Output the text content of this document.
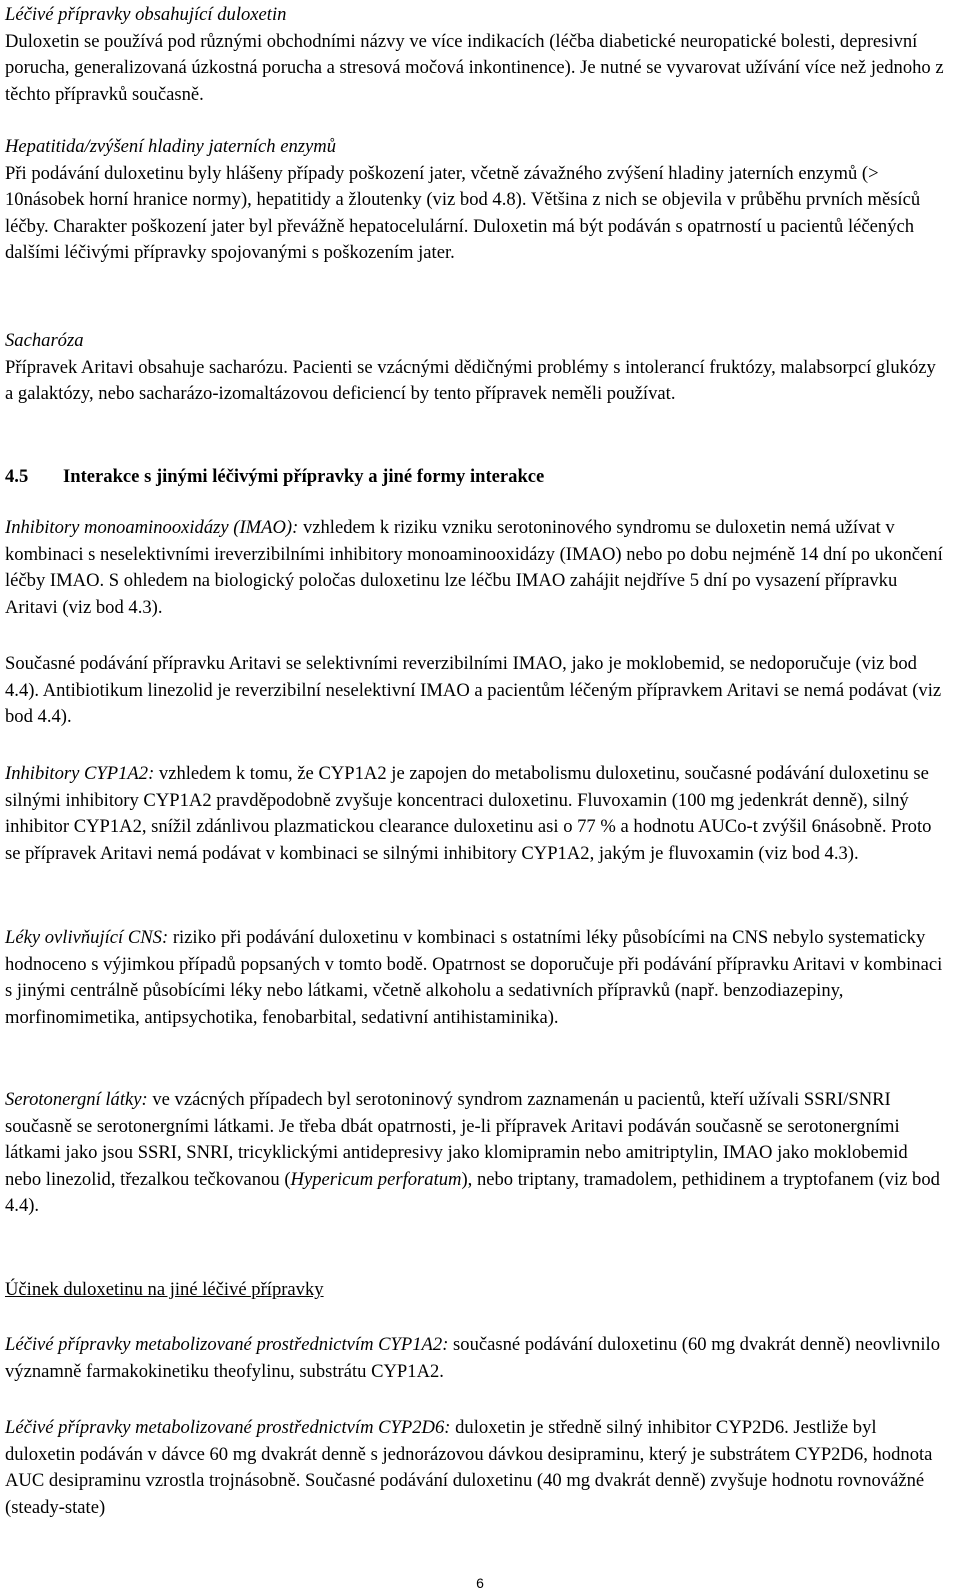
Léčivé přípravky obsahující duloxetin
Duloxetin se používá pod různými obchodními názvy ve více indikacích (léčba diabetické neuropatické bolesti, depresivní porucha, generalizovaná úzkostná porucha a stresová močová inkontinence). Je nutné se vyvarovat užívání více než jednoho z těchto přípravků současně.

Hepatitida/zvýšení hladiny jaterních enzymů
Při podávání duloxetinu byly hlášeny případy poškození jater, včetně závažného zvýšení hladiny jaterních enzymů (> 10násobek horní hranice normy), hepatitidy a žloutenky (viz bod 4.8). Většina z nich se objevila v průběhu prvních měsíců léčby. Charakter poškození jater byl převážně hepatocelulární. Duloxetin má být podáván s opatrností u pacientů léčených dalšími léčivými přípravky spojovanými s poškozením jater.

Sacharóza
Přípravek Aritavi obsahuje sacharózu. Pacienti se vzácnými dědičnými problémy s intolerancí fruktózy, malabsorpcí glukózy a galaktózy, nebo sacharázo-izomaltázovou deficiencí by tento přípravek neměli používat.

4.5	Interakce s jinými léčivými přípravky a jiné formy interakce

Inhibitory monoaminooxidázy (IMAO): vzhledem k riziku vzniku serotoninového syndromu se duloxetin nemá užívat v kombinaci s neselektivními ireverzibilními inhibitory monoaminooxidázy (IMAO) nebo po dobu nejméně 14 dní po ukončení léčby IMAO. S ohledem na biologický poločas duloxetinu lze léčbu IMAO zahájit nejdříve 5 dní po vysazení přípravku Aritavi (viz bod 4.3).

Současné podávání přípravku Aritavi se selektivními reverzibilními IMAO, jako je moklobemid, se nedoporučuje (viz bod 4.4). Antibiotikum linezolid je reverzibilní neselektivní IMAO a pacientům léčeným přípravkem Aritavi se nemá podávat (viz bod 4.4).

Inhibitory CYP1A2: vzhledem k tomu, že CYP1A2 je zapojen do metabolismu duloxetinu, současné podávání duloxetinu se silnými inhibitory CYP1A2 pravděpodobně zvyšuje koncentraci duloxetinu. Fluvoxamin (100 mg jedenkrát denně), silný inhibitor CYP1A2, snížil zdánlivou plazmatickou clearance duloxetinu asi o 77 % a hodnotu AUCo-t zvýšil 6násobně. Proto se přípravek Aritavi nemá podávat v kombinaci se silnými inhibitory CYP1A2, jakým je fluvoxamin (viz bod 4.3).

Léky ovlivňující CNS: riziko při podávání duloxetinu v kombinaci s ostatními léky působícími na CNS nebylo systematicky hodnoceno s výjimkou případů popsaných v tomto bodě. Opatrnost se doporučuje při podávání přípravku Aritavi v kombinaci s jinými centrálně působícími léky nebo látkami, včetně alkoholu a sedativních přípravků (např. benzodiazepiny, morfinomimetika, antipsychotika, fenobarbital, sedativní antihistaminika).

Serotonergní látky: ve vzácných případech byl serotoninový syndrom zaznamenán u pacientů, kteří užívali SSRI/SNRI současně se serotonergními látkami. Je třeba dbát opatrnosti, je-li přípravek Aritavi podáván současně se serotonergními látkami jako jsou SSRI, SNRI, tricyklickými antidepresivy jako klomipramin nebo amitriptylin, IMAO jako moklobemid nebo linezolid, třezalkou tečkovanou (Hypericum perforatum), nebo triptany, tramadolem, pethidinem a tryptofanem (viz bod 4.4).

Účinek duloxetinu na jiné léčivé přípravky

Léčivé přípravky metabolizované prostřednictvím CYP1A2: současné podávání duloxetinu (60 mg dvakrát denně) neovlivnilo významně farmakokinetiku theofylinu, substrátu CYP1A2.

Léčivé přípravky metabolizované prostřednictvím CYP2D6: duloxetin je středně silný inhibitor CYP2D6. Jestliže byl duloxetin podáván v dávce 60 mg dvakrát denně s jednorázovou dávkou desipraminu, který je substrátem CYP2D6, hodnota AUC desipraminu vzrostla trojnásobně. Současné podávání duloxetinu (40 mg dvakrát denně) zvyšuje hodnotu rovnovážné (steady-state)

6
